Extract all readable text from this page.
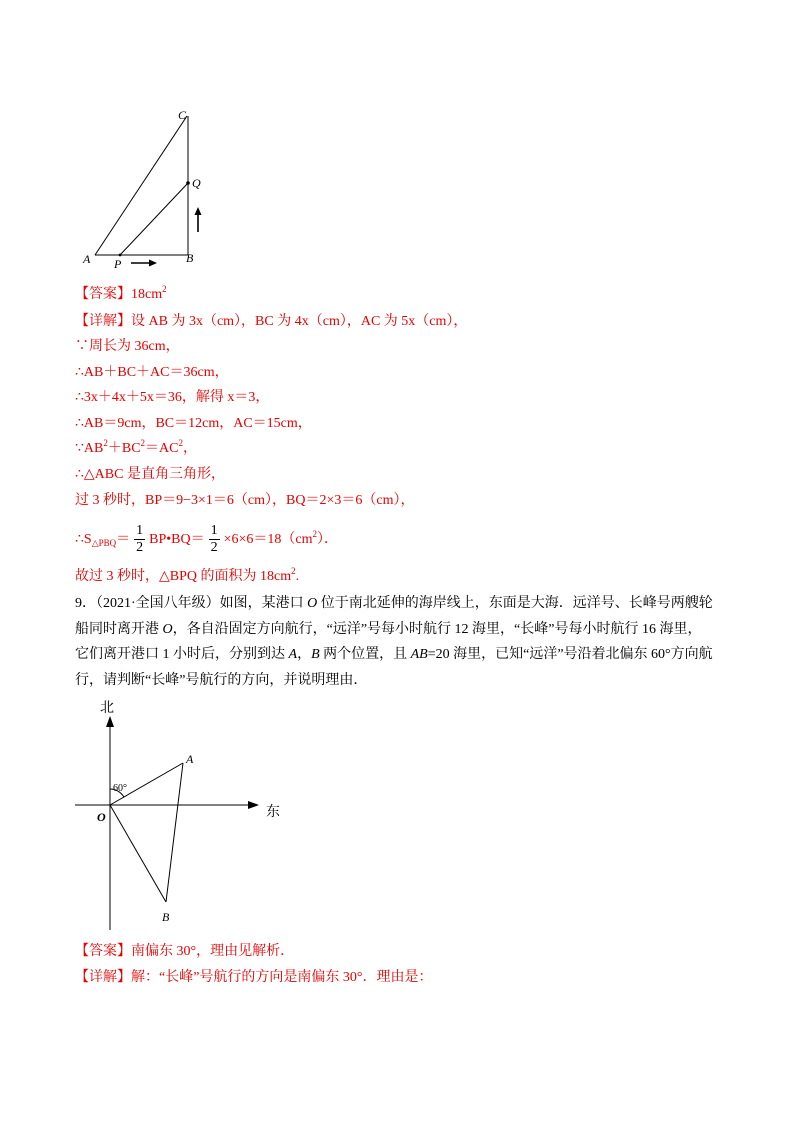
C
Q
B
A P
【答案】$18cm^2$
【详解】设 AB 为 3x（cm），BC 为 4x（cm），AC 为 5x（cm），
∵周长为 36cm，
∴AB＋BC＋AC＝36cm，
∴3x＋4x＋5x＝36，解得 x＝3，
∴AB＝9cm，BC＝12cm，AC＝15cm，
$\because AB^2+BC^2=AC^2$，
∴△ABC 是直角三角形，
过 3 秒时，BP＝9−3×1＝6（cm），BQ＝2×3＝6（cm），
$\therefore S_{\triangle PBQ}= \frac{1}{2}$ BP•BQ＝ $\frac{1}{2} \times 6\times 6=18(cm^2)$．
故过 3 秒时，△BPQ 的面积为 $18cm^2$.
9．（2021·全国八年级）如图，某港口 O 位于南北延伸的海岸线上，东面是大海．远洋号、长峰号两艘轮
船同时离开港 O，各自沿固定方向航行，“远洋”号每小时航行 12 海里，“长峰”号每小时航行 16 海里，
它们离开港口 1 小时后，分别到达 A，B 两个位置，且 AB=20 海里，已知“远洋”号沿着北偏东 60°方向航
行，请判断“长峰”号航行的方向，并说明理由．
北
东
60°
O
A
B
【答案】南偏东 30°，理由见解析．
【详解】解：“长峰”号航行的方向是南偏东 30°．理由是：
